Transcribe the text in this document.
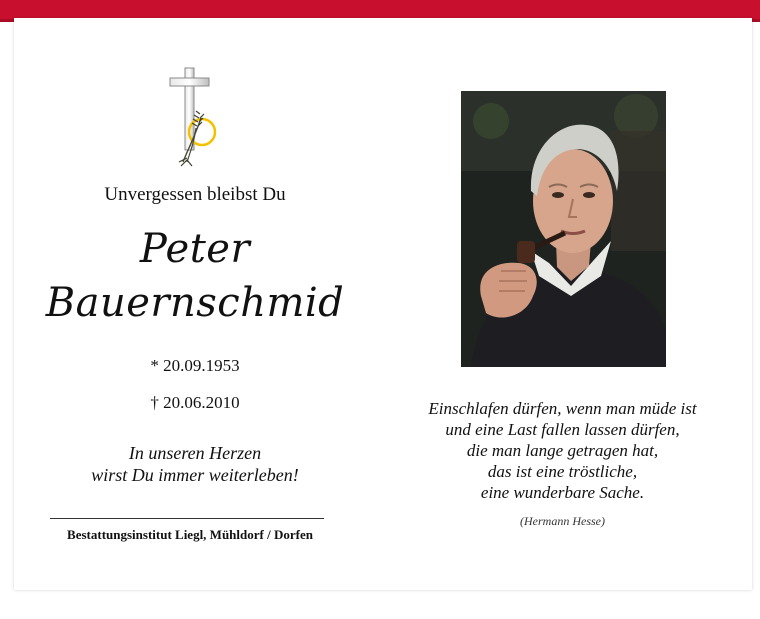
Unvergessen bleibst Du
Peter
Bauernschmid
* 20.09.1953
† 20.06.2010
In unseren Herzen
wirst Du immer weiterleben!
Bestattungsinstitut Liegl, Mühldorf / Dorfen
Einschlafen dürfen, wenn man müde ist
und eine Last fallen lassen dürfen,
die man lange getragen hat,
das ist eine tröstliche,
eine wunderbare Sache.
(Hermann Hesse)
